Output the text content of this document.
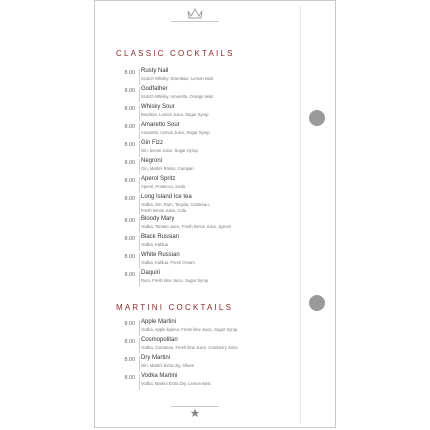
CLASSIC COCKTAILS
8.00 Rusty Nail
Scotch Whisky, Drambuie, Lemon twist
8.00 Godfather
Scotch Whisky, Amaretto, Orange twist
8.00 Whisky Sour
Bourbon, Lemon Juice, Sugar Syrup
8.00 Amaretto Sour
Amaretto, Lemon Juice, Sugar Syrup
8.00 Gin Fizz
Gin, lemon Juice, Sugar Syrup
8.00 Negroni
Gin, Martini Rosso, Campari
8.00 Aperol Spritz
Aperol, Prosecco, Soda
8.00 Long Island Ice tea
Vodka, Gin, Rum, Tequila, Cointreau,
Fresh lemon Juice, Cola
8.00 Bloody Mary
Vodka, Tomato Juice, Fresh lemon Juice, Spices
8.00 Black Russian
Vodka, Kahlua
8.00 White Russian
Vodka, Kahlua, Fresh Cream
8.00 Daquiri
Rum, Fresh lime Juice, Sugar Syrup
MARTINI COCKTAILS
8.00 Apple Martini
Vodka, Apple liqueur, Fresh lime Juice, Sugar Syrup
8.00 Cosmopolitan
Vodka, Cointreau, Fresh lime Juice, Cranberry Juice
8.00 Dry Martini
Gin, Martini Extra dry, Olives
8.00 Vodka Martini
Vodka, Martini Extra Dry, Lemon twist
